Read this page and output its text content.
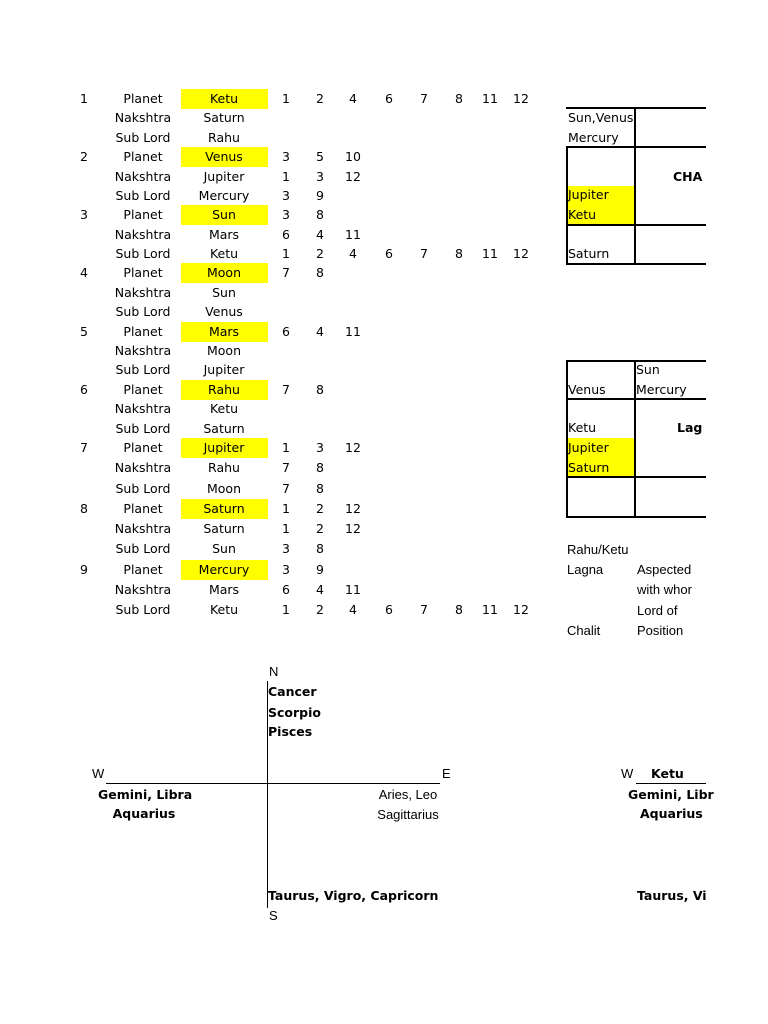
1	Planet	Ketu	1	2	4	6	7	8	11	12
Nakshtra	Saturn
Sub Lord	Rahu
2	Planet	Venus	3	5	10
Nakshtra	Jupiter	1	3	12
Sub Lord	Mercury	3	9
3	Planet	Sun	3	8
Nakshtra	Mars	6	4	11
Sub Lord	Ketu	1	2	4	6	7	8	11	12
4	Planet	Moon	7	8
Nakshtra	Sun
Sub Lord	Venus
5	Planet	Mars	6	4	11
Nakshtra	Moon
Sub Lord	Jupiter
6	Planet	Rahu	7	8
Nakshtra	Ketu
Sub Lord	Saturn
7	Planet	Jupiter	1	3	12
Nakshtra	Rahu	7	8
Sub Lord	Moon	7	8
8	Planet	Saturn	1	2	12
Nakshtra	Saturn	1	2	12
Sub Lord	Sun	3	8
9	Planet	Mercury	3	9
Nakshtra	Mars	6	4	11
Sub Lord	Ketu	1	2	4	6	7	8	11	12
Sun,Venus
Mercury
CHA
Jupiter
Ketu
Saturn
Sun
Mercury
Venus
Ketu	Lag
Jupiter
Saturn
Rahu/Ketu
Lagna	Aspected
with whor
Lord of
Chalit	Position
N
Cancer
Scorpio
Pisces
W	E
Gemini, Libra
Aquarius
Aries, Leo
Sagittarius
Taurus, Vigro, Capricorn
S
W Ketu
Gemini, Libr
Aquarius
Taurus, Vi
